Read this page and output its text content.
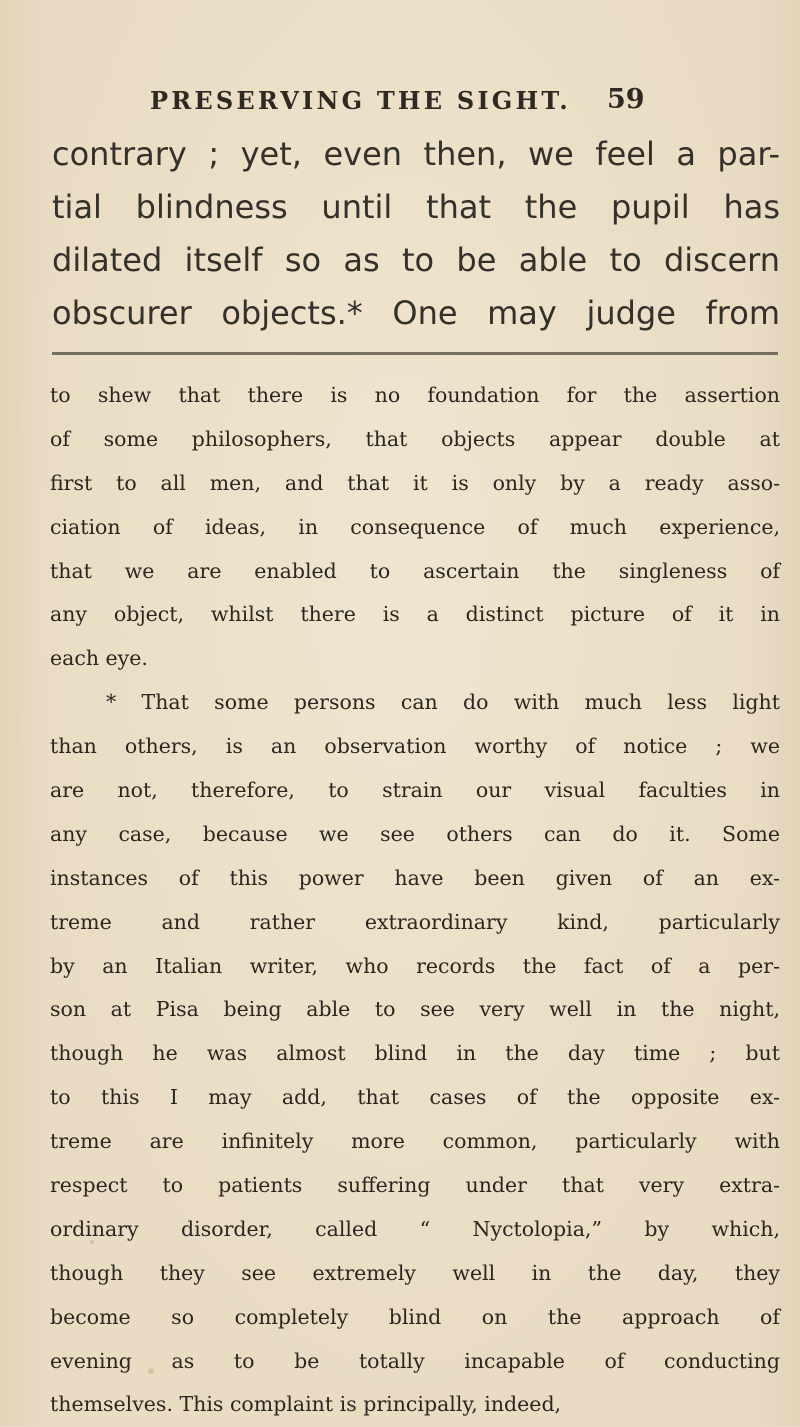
PRESERVING THE SIGHT. 59
contrary ; yet, even then, we feel a par-
tial blindness until that the pupil has
dilated itself so as to be able to discern
obscurer objects.* One may judge from
to shew that there is no foundation for the assertion
of some philosophers, that objects appear double at
first to all men, and that it is only by a ready asso-
ciation of ideas, in consequence of much experience,
that we are enabled to ascertain the singleness of
any object, whilst there is a distinct picture of it in
each eye.
* That some persons can do with much less light
than others, is an observation worthy of notice ; we
are not, therefore, to strain our visual faculties in
any case, because we see others can do it. Some
instances of this power have been given of an ex-
treme and rather extraordinary kind, particularly
by an Italian writer, who records the fact of a per-
son at Pisa being able to see very well in the night,
though he was almost blind in the day time ; but
to this I may add, that cases of the opposite ex-
treme are infinitely more common, particularly with
respect to patients suffering under that very extra-
ordinary disorder, called “ Nyctolopia,” by which,
though they see extremely well in the day, they
become so completely blind on the approach of
evening as to be totally incapable of conducting
themselves. This complaint is principally, indeed,
